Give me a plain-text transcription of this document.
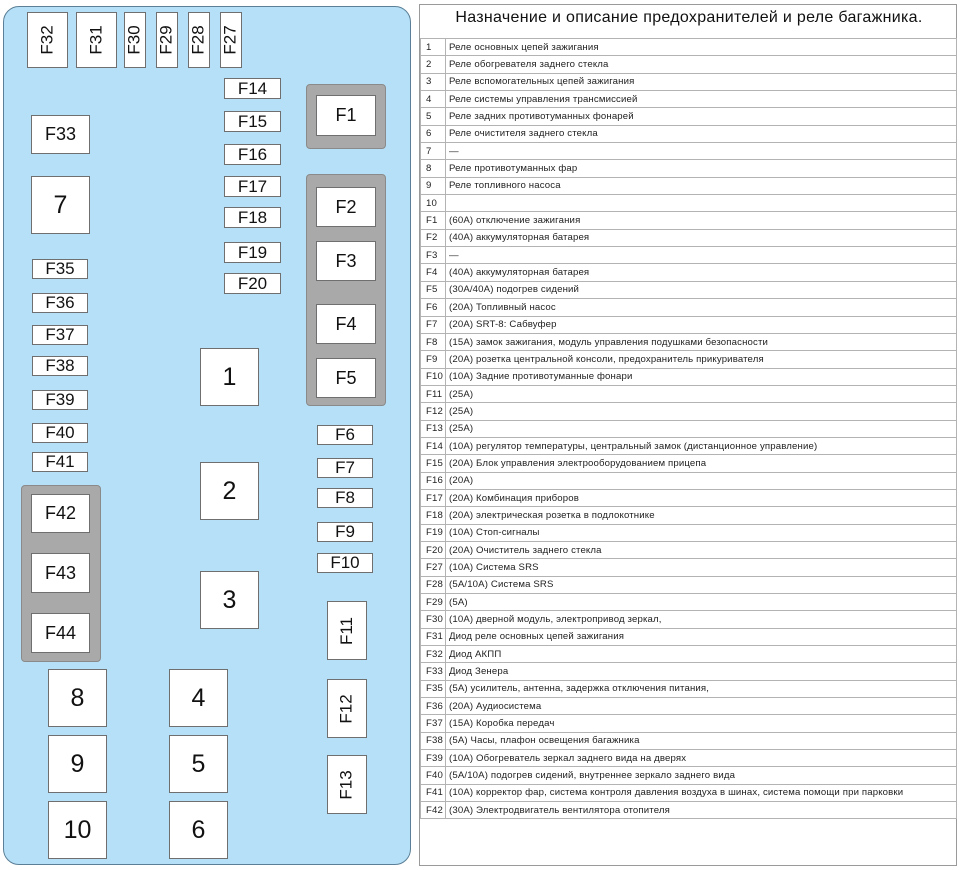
F32 F31 F30 F29 F28 F27
F14
F15
F16
F17
F18
F19
F20
F1
F2
F3
F4
F5
F6
F7
F8
F9
F10
F11
F12
F13
F33
7
F35
F36
F37
F38
F39
F40
F41
F42
F43
F44
1
2
3
4
5
6
8
9
10
Назначение и описание предохранителей и реле багажника.
1	Реле основных цепей зажигания
2	Реле обогревателя заднего стекла
3	Реле вспомогательных цепей зажигания
4	Реле системы управления трансмиссией
5	Реле задних противотуманных фонарей
6	Реле очистителя заднего стекла
7	—
8	Реле противотуманных фар
9	Реле топливного насоса
10	
F1	(60A) отключение зажигания
F2	(40A) аккумуляторная батарея
F3	—
F4	(40A) аккумуляторная батарея
F5	(30A/40A) подогрев сидений
F6	(20A) Топливный насос
F7	(20A) SRT-8: Сабвуфер
F8	(15A) замок зажигания, модуль управления подушками безопасности
F9	(20A) розетка центральной консоли, предохранитель прикуривателя
F10	(10A) Задние противотуманные фонари
F11	(25A)
F12	(25A)
F13	(25A)
F14	(10A) регулятор температуры, центральный замок (дистанционное управление)
F15	(20A) Блок управления электрооборудованием прицепа
F16	(20A)
F17	(20A) Комбинация приборов
F18	(20A) электрическая розетка в подлокотнике
F19	(10A) Стоп-сигналы
F20	(20A) Очиститель заднего стекла
F27	(10A) Система SRS
F28	(5A/10A) Система SRS
F29	(5A)
F30	(10A) дверной модуль, электропривод зеркал,
F31	Диод реле основных цепей зажигания
F32	Диод АКПП
F33	Диод Зенера
F35	(5A) усилитель, антенна, задержка отключения питания,
F36	(20A) Аудиосистема
F37	(15A) Коробка передач
F38	(5A) Часы, плафон освещения багажника
F39	(10A) Обогреватель зеркал заднего вида на дверях
F40	(5A/10A) подогрев сидений, внутреннее зеркало заднего вида
F41	(10A) корректор фар, система контроля давления воздуха в шинах, система помощи при парковки
F42	(30A) Электродвигатель вентилятора отопителя
